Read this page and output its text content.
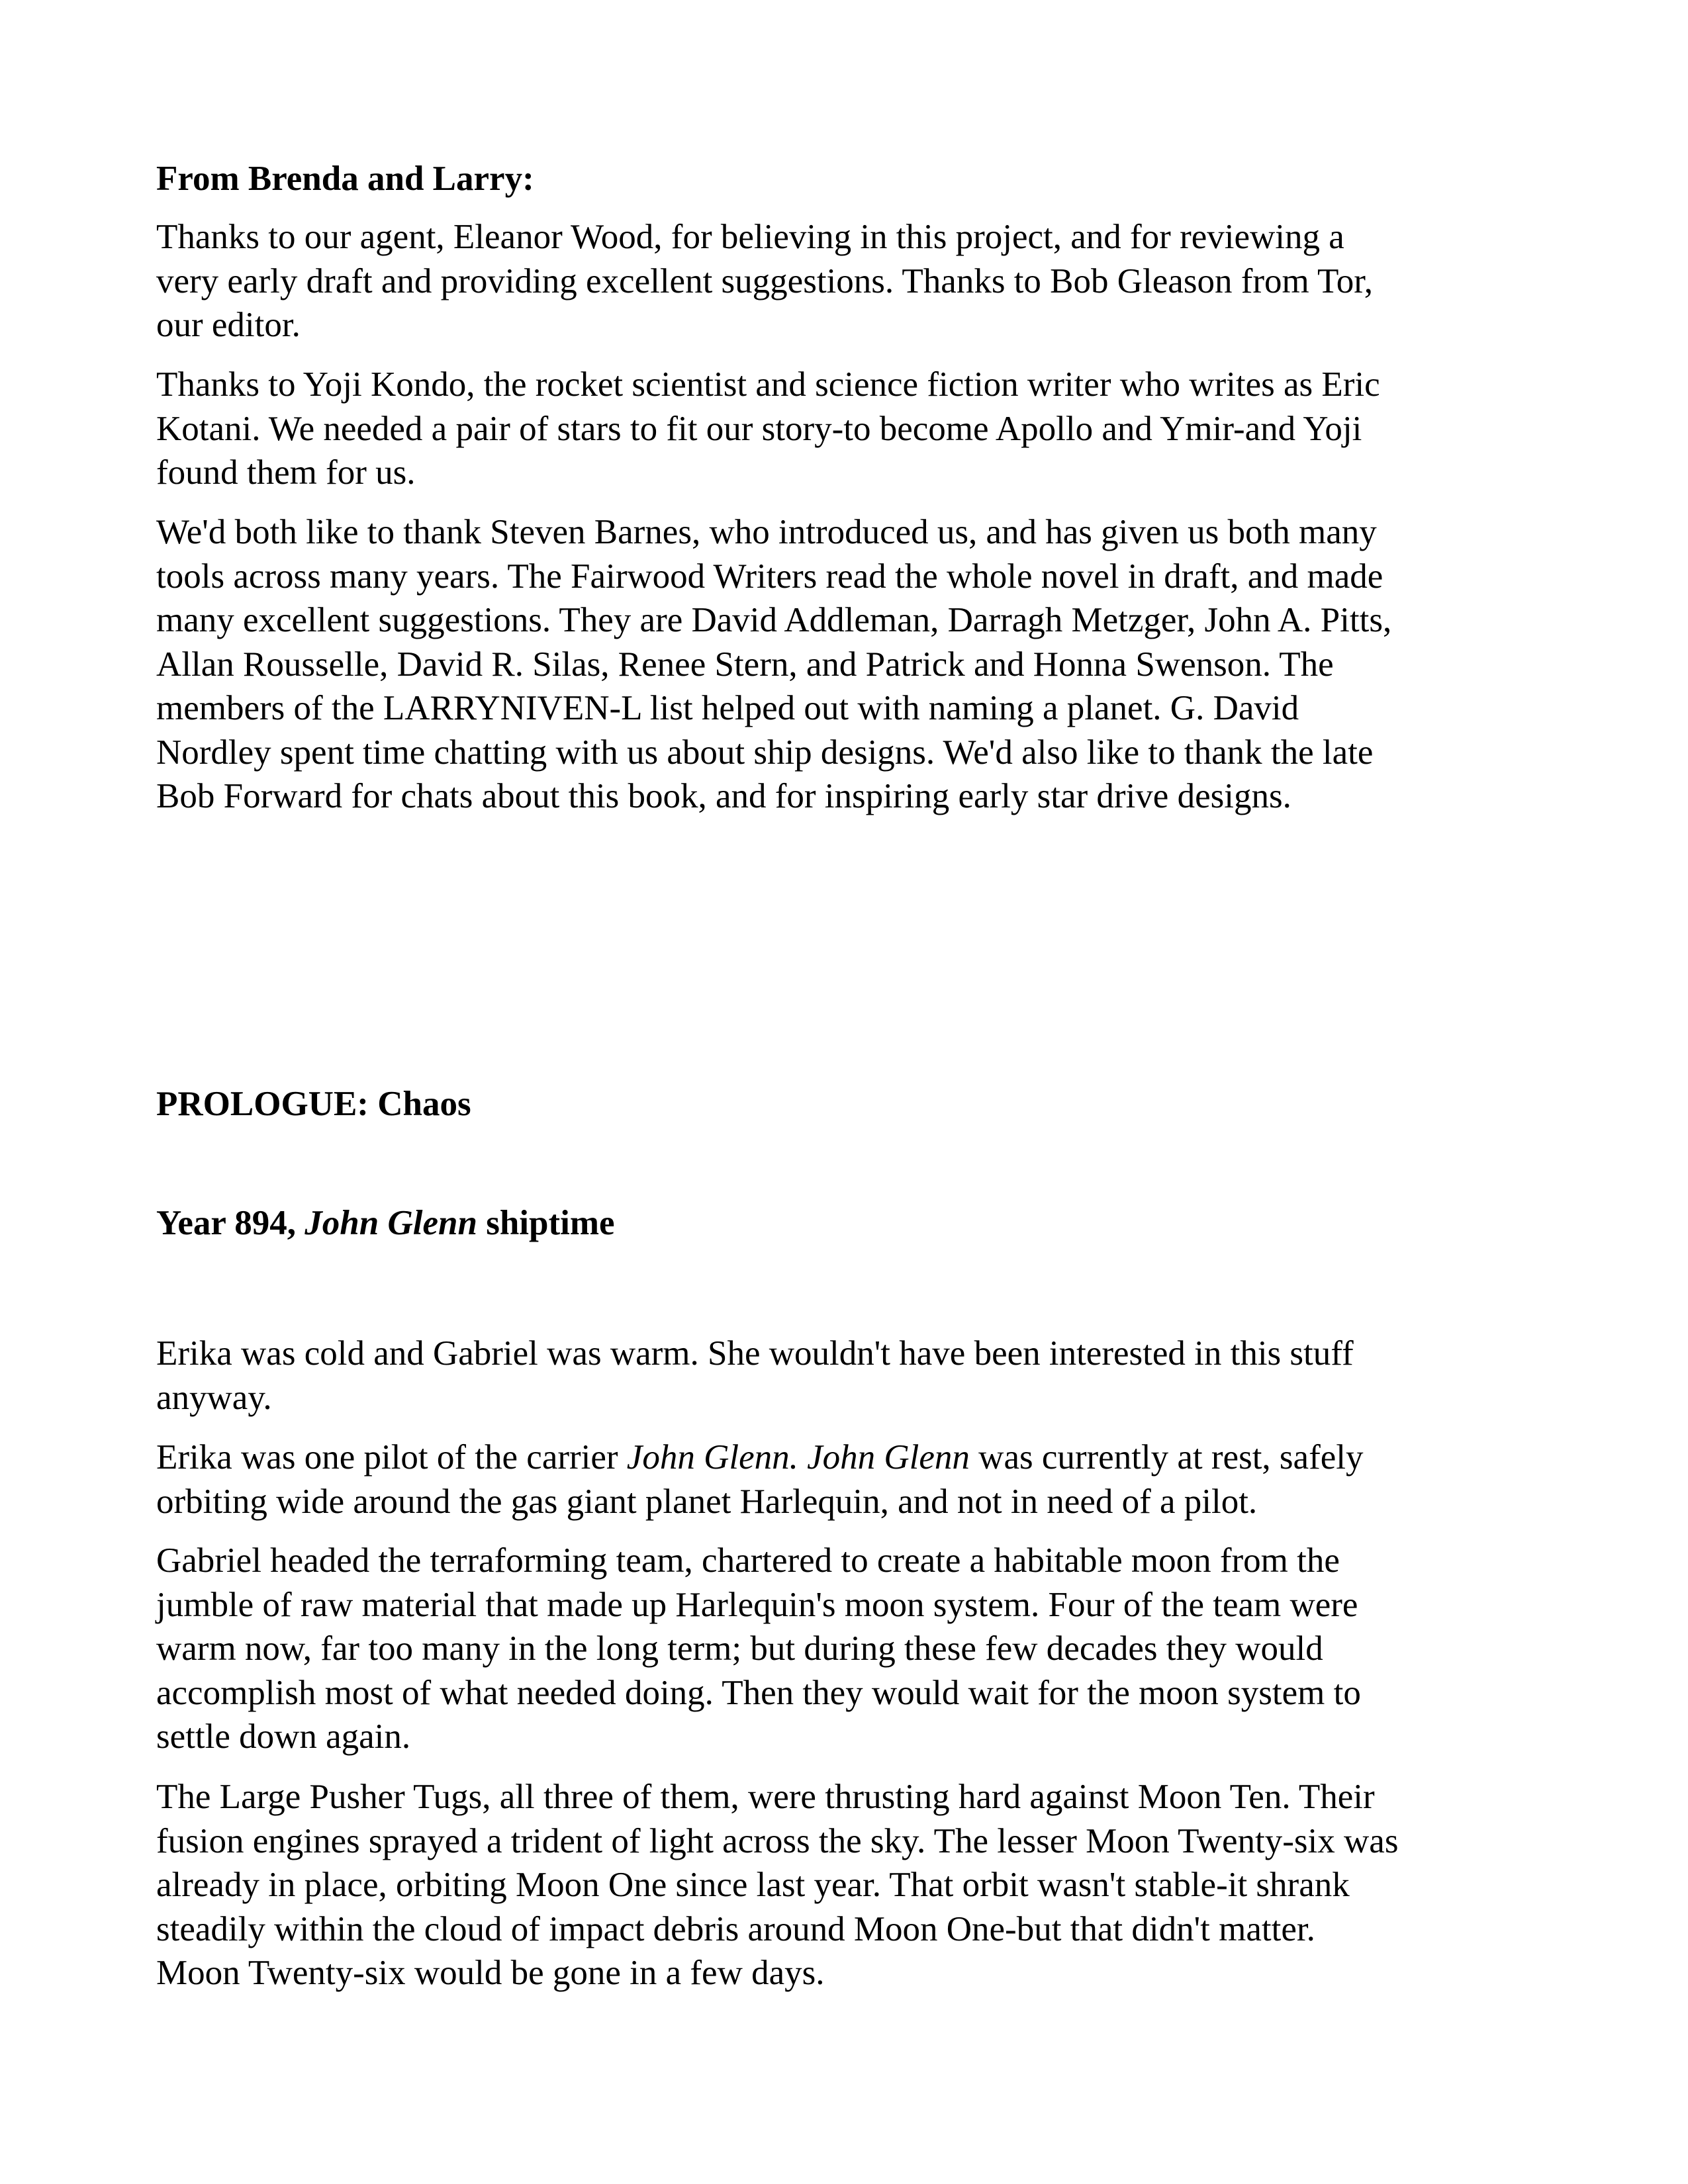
From Brenda and Larry:

Thanks to our agent, Eleanor Wood, for believing in this project, and for reviewing a
very early draft and providing excellent suggestions. Thanks to Bob Gleason from Tor,
our editor.

Thanks to Yoji Kondo, the rocket scientist and science fiction writer who writes as Eric
Kotani. We needed a pair of stars to fit our story-to become Apollo and Ymir-and Yoji
found them for us.

We'd both like to thank Steven Barnes, who introduced us, and has given us both many
tools across many years. The Fairwood Writers read the whole novel in draft, and made
many excellent suggestions. They are David Addleman, Darragh Metzger, John A. Pitts,
Allan Rousselle, David R. Silas, Renee Stern, and Patrick and Honna Swenson. The
members of the LARRYNIVEN-L list helped out with naming a planet. G. David
Nordley spent time chatting with us about ship designs. We'd also like to thank the late
Bob Forward for chats about this book, and for inspiring early star drive designs.

PROLOGUE: Chaos
Year 894, John Glenn shiptime

Erika was cold and Gabriel was warm. She wouldn't have been interested in this stuff
anyway.

Erika was one pilot of the carrier John Glenn. John Glenn was currently at rest, safely
orbiting wide around the gas giant planet Harlequin, and not in need of a pilot.

Gabriel headed the terraforming team, chartered to create a habitable moon from the
jumble of raw material that made up Harlequin's moon system. Four of the team were
warm now, far too many in the long term; but during these few decades they would
accomplish most of what needed doing. Then they would wait for the moon system to
settle down again.

The Large Pusher Tugs, all three of them, were thrusting hard against Moon Ten. Their
fusion engines sprayed a trident of light across the sky. The lesser Moon Twenty-six was
already in place, orbiting Moon One since last year. That orbit wasn't stable-it shrank
steadily within the cloud of impact debris around Moon One-but that didn't matter.
Moon Twenty-six would be gone in a few days.
